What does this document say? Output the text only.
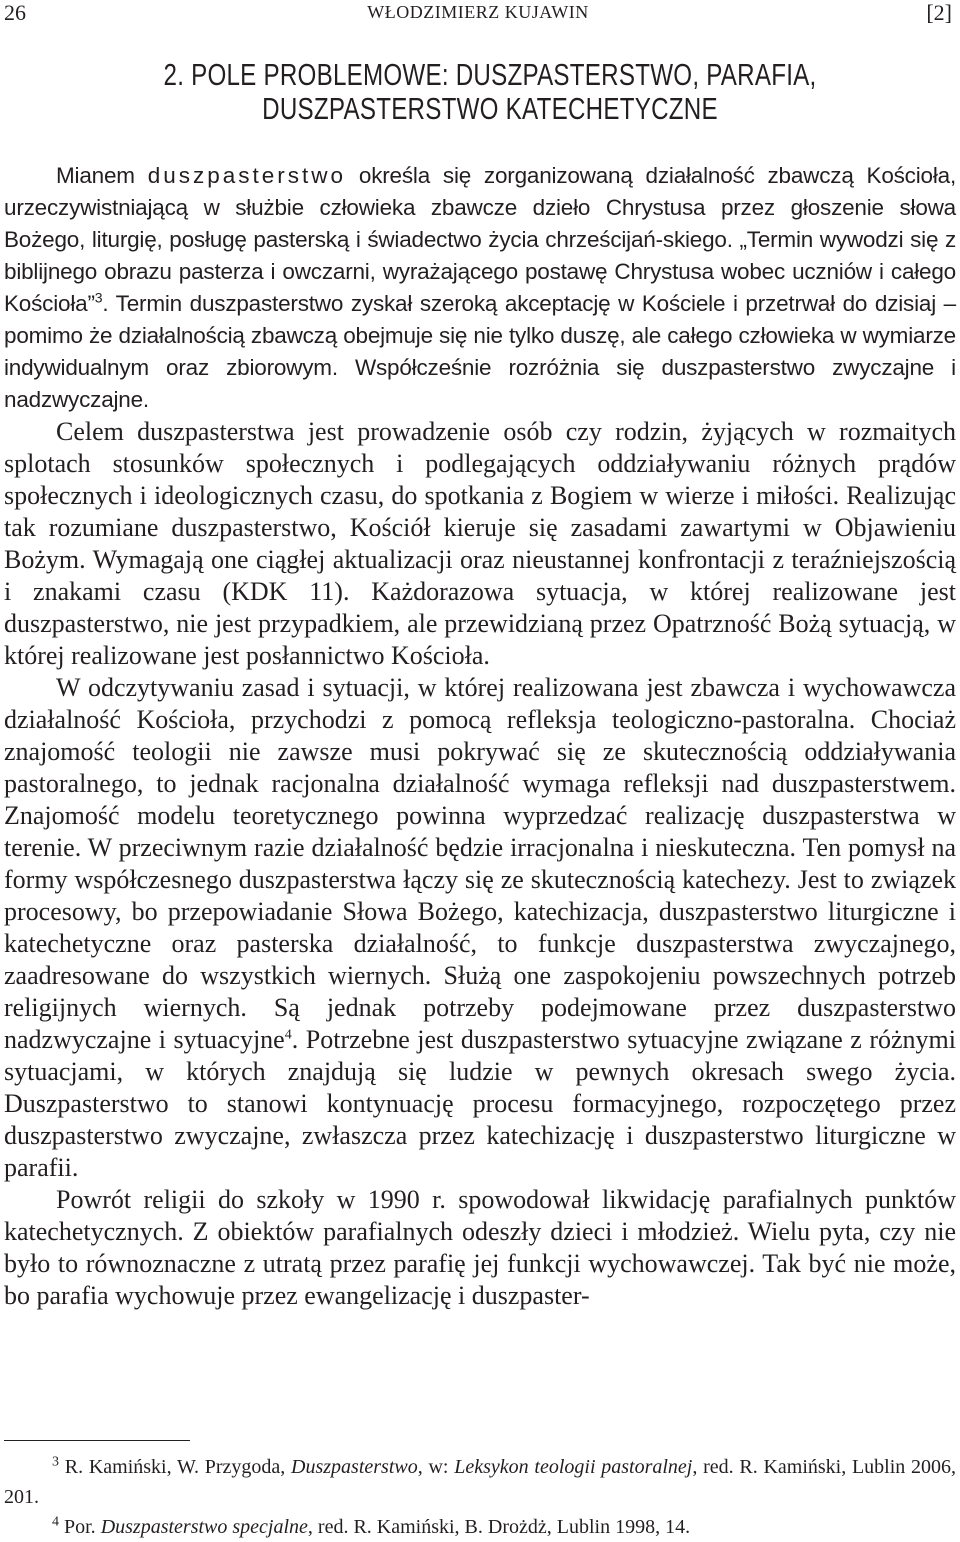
26	WŁODZIMIERZ KUJAWIN	[2]
2. POLE PROBLEMOWE: DUSZPASTERSTWO, PARAFIA,
DUSZPASTERSTWO KATECHETYCZNE

Mianem duszpasterstwo określa się zorganizowaną działalność zbawczą Kościoła, urzeczywistniającą w służbie człowieka zbawcze dzieło Chrystusa przez głoszenie słowa Bożego, liturgię, posługę pasterską i świadectwo życia chrześcijań-skiego. „Termin wywodzi się z biblijnego obrazu pasterza i owczarni, wyrażającego postawę Chrystusa wobec uczniów i całego Kościoła”$^3$. Termin duszpasterstwo zyskał szeroką akceptację w Kościele i przetrwał do dzisiaj – pomimo że działalnością zbawczą obejmuje się nie tylko duszę, ale całego człowieka w wymiarze indywidualnym oraz zbiorowym. Współcześnie rozróżnia się duszpasterstwo zwyczajne i nadzwyczajne.

Celem duszpasterstwa jest prowadzenie osób czy rodzin, żyjących w rozmaitych splotach stosunków społecznych i podlegających oddziaływaniu różnych prądów społecznych i ideologicznych czasu, do spotkania z Bogiem w wierze i miłości. Realizując tak rozumiane duszpasterstwo, Kościół kieruje się zasadami zawartymi w Objawieniu Bożym. Wymagają one ciągłej aktualizacji oraz nieustannej konfrontacji z teraźniejszością i znakami czasu (KDK 11). Każdorazowa sytuacja, w której realizowane jest duszpasterstwo, nie jest przypadkiem, ale przewidzianą przez Opatrzność Bożą sytuacją, w której realizowane jest posłannictwo Kościoła.

W odczytywaniu zasad i sytuacji, w której realizowana jest zbawcza i wychowawcza działalność Kościoła, przychodzi z pomocą refleksja teologiczno-pastoralna. Chociaż znajomość teologii nie zawsze musi pokrywać się ze skutecznością oddziaływania pastoralnego, to jednak racjonalna działalność wymaga refleksji nad duszpasterstwem. Znajomość modelu teoretycznego powinna wyprzedzać realizację duszpasterstwa w terenie. W przeciwnym razie działalność będzie irracjonalna i nieskuteczna. Ten pomysł na formy współczesnego duszpasterstwa łączy się ze skutecznością katechezy. Jest to związek procesowy, bo przepowiadanie Słowa Bożego, katechizacja, duszpasterstwo liturgiczne i katechetyczne oraz pasterska działalność, to funkcje duszpasterstwa zwyczajnego, zaadresowane do wszystkich wiernych. Służą one zaspokojeniu powszechnych potrzeb religijnych wiernych. Są jednak potrzeby podejmowane przez duszpasterstwo nadzwyczajne i sytuacyjne$^4$. Potrzebne jest duszpasterstwo sytuacyjne związane z różnymi sytuacjami, w których znajdują się ludzie w pewnych okresach swego życia. Duszpasterstwo to stanowi kontynuację procesu formacyjnego, rozpoczętego przez duszpasterstwo zwyczajne, zwłaszcza przez katechizację i duszpasterstwo liturgiczne w parafii.

Powrót religii do szkoły w 1990 r. spowodował likwidację parafialnych punktów katechetycznych. Z obiektów parafialnych odeszły dzieci i młodzież. Wielu pyta, czy nie było to równoznaczne z utratą przez parafię jej funkcji wychowawczej. Tak być nie może, bo parafia wychowuje przez ewangelizację i duszpaster-

$^3$ R. Kamiński, W. Przygoda, Duszpasterstwo, w: Leksykon teologii pastoralnej, red. R. Kamiński, Lublin 2006, 201.

$^4$ Por. Duszpasterstwo specjalne, red. R. Kamiński, B. Drożdż, Lublin 1998, 14.
